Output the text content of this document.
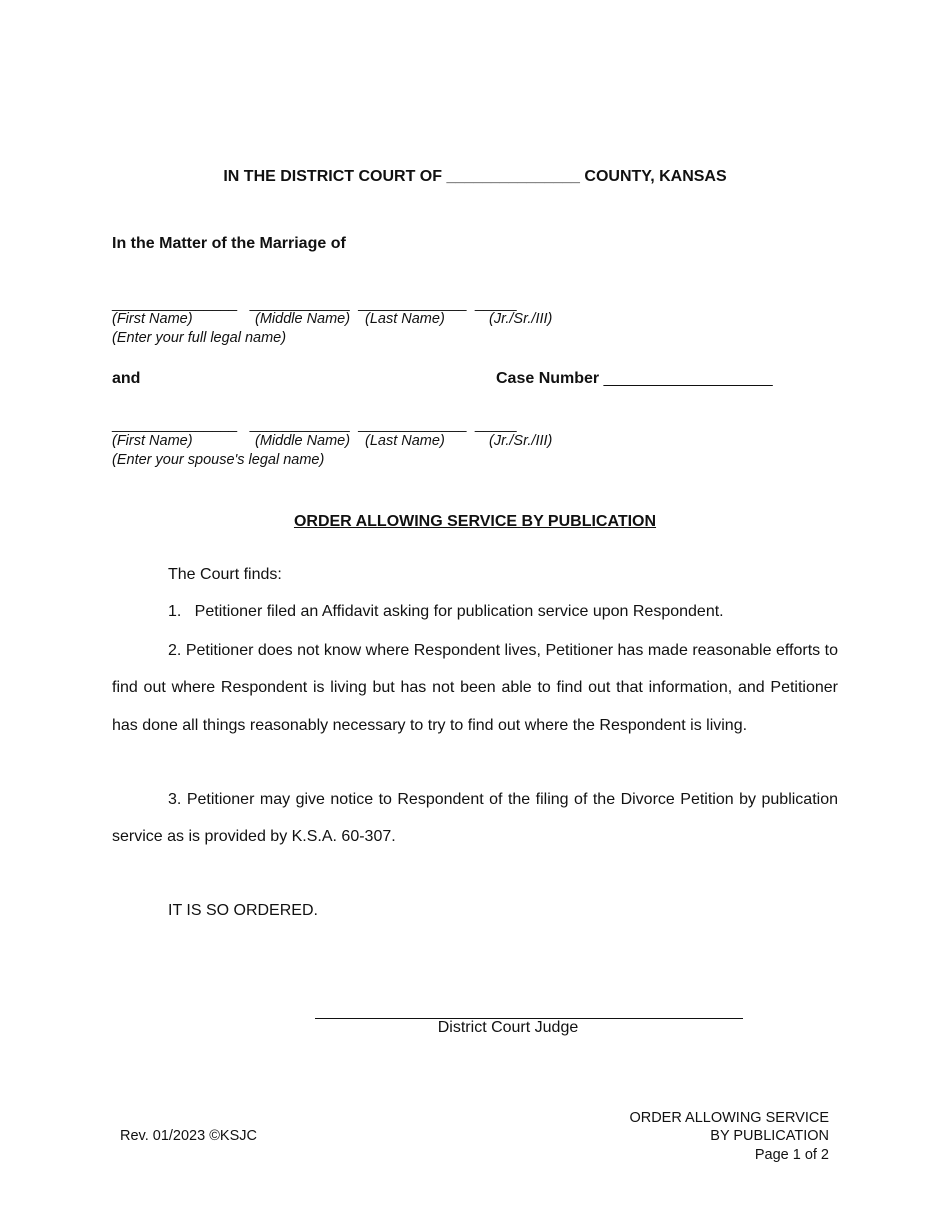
IN THE DISTRICT COURT OF _______________ COUNTY, KANSAS
In the Matter of the Marriage of
_______________   ____________  _____________  _____
(First Name)	(Middle Name) (Last Name)	(Jr./Sr./III)
(Enter your full legal name)
and	Case Number ___________________
_______________   ____________  _____________  _____
(First Name)	(Middle Name) (Last Name)	(Jr./Sr./III)
(Enter your spouse's legal name)
ORDER ALLOWING SERVICE BY PUBLICATION
The Court finds:
1.   Petitioner filed an Affidavit asking for publication service upon Respondent.
2. Petitioner does not know where Respondent lives, Petitioner has made reasonable efforts to find out where Respondent is living but has not been able to find out that information, and Petitioner has done all things reasonably necessary to try to find out where the Respondent is living.
3. Petitioner may give notice to Respondent of the filing of the Divorce Petition by publication service as is provided by K.S.A. 60-307.
IT IS SO ORDERED.
District Court Judge
Rev. 01/2023 ©KSJC
ORDER ALLOWING SERVICE
BY PUBLICATION
Page 1 of 2
